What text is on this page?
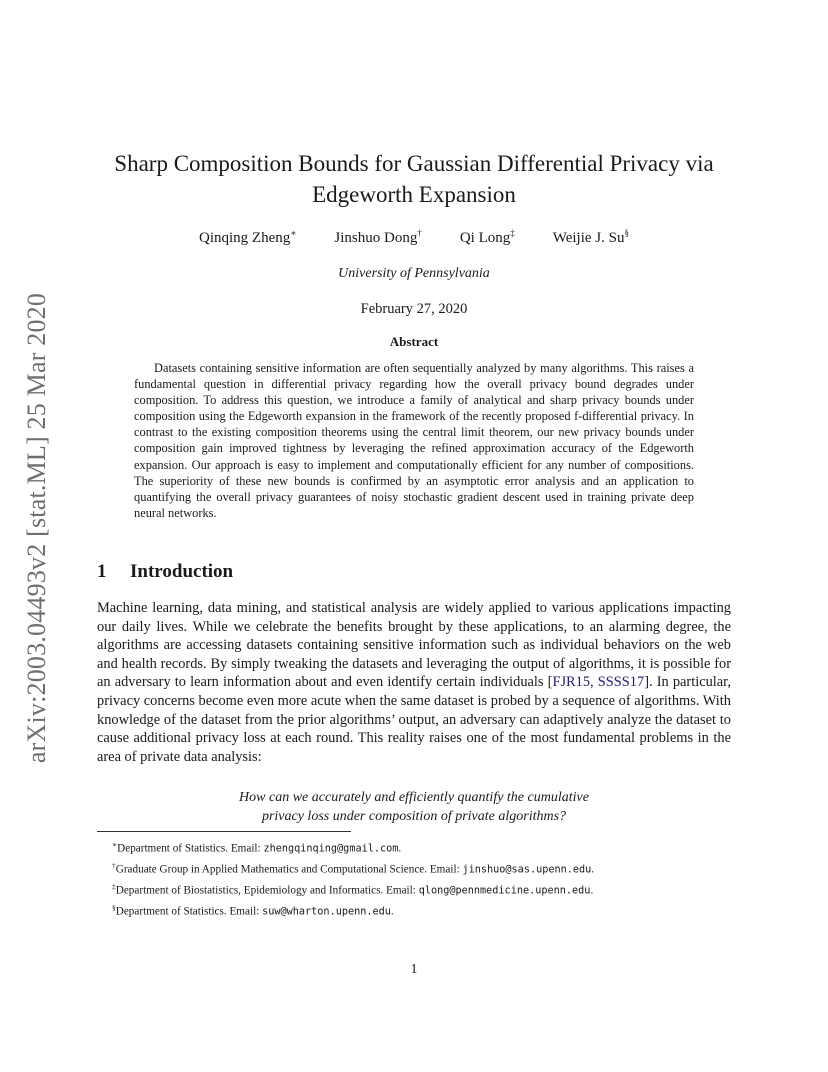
arXiv:2003.04493v2 [stat.ML] 25 Mar 2020
Sharp Composition Bounds for Gaussian Differential Privacy via
Edgeworth Expansion
Qinqing Zheng∗	Jinshuo Dong†	Qi Long‡	Weijie J. Su§
University of Pennsylvania
February 27, 2020
Abstract

Datasets containing sensitive information are often sequentially analyzed by many algorithms. This raises a fundamental question in differential privacy regarding how the overall privacy bound degrades under composition. To address this question, we introduce a family of analytical and sharp privacy bounds under composition using the Edgeworth expansion in the framework of the recently proposed f-differential privacy. In contrast to the existing composition theorems using the central limit theorem, our new privacy bounds under composition gain improved tightness by leveraging the refined approximation accuracy of the Edgeworth expansion. Our approach is easy to implement and computationally efficient for any number of compositions. The superiority of these new bounds is confirmed by an asymptotic error analysis and an application to quantifying the overall privacy guarantees of noisy stochastic gradient descent used in training private deep neural networks.

1 Introduction

Machine learning, data mining, and statistical analysis are widely applied to various applications impacting our daily lives. While we celebrate the benefits brought by these applications, to an alarming degree, the algorithms are accessing datasets containing sensitive information such as individual behaviors on the web and health records. By simply tweaking the datasets and leveraging the output of algorithms, it is possible for an adversary to learn information about and even identify certain individuals [FJR15, SSSS17]. In particular, privacy concerns become even more acute when the same dataset is probed by a sequence of algorithms. With knowledge of the dataset from the prior algorithms’ output, an adversary can adaptively analyze the dataset to cause additional privacy loss at each round. This reality raises one of the most fundamental problems in the area of private data analysis:

How can we accurately and efficiently quantify the cumulative
privacy loss under composition of private algorithms?

∗Department of Statistics. Email: zhengqinqing@gmail.com.
†Graduate Group in Applied Mathematics and Computational Science. Email: jinshuo@sas.upenn.edu.
‡Department of Biostatistics, Epidemiology and Informatics. Email: qlong@pennmedicine.upenn.edu.
§Department of Statistics. Email: suw@wharton.upenn.edu.
1
